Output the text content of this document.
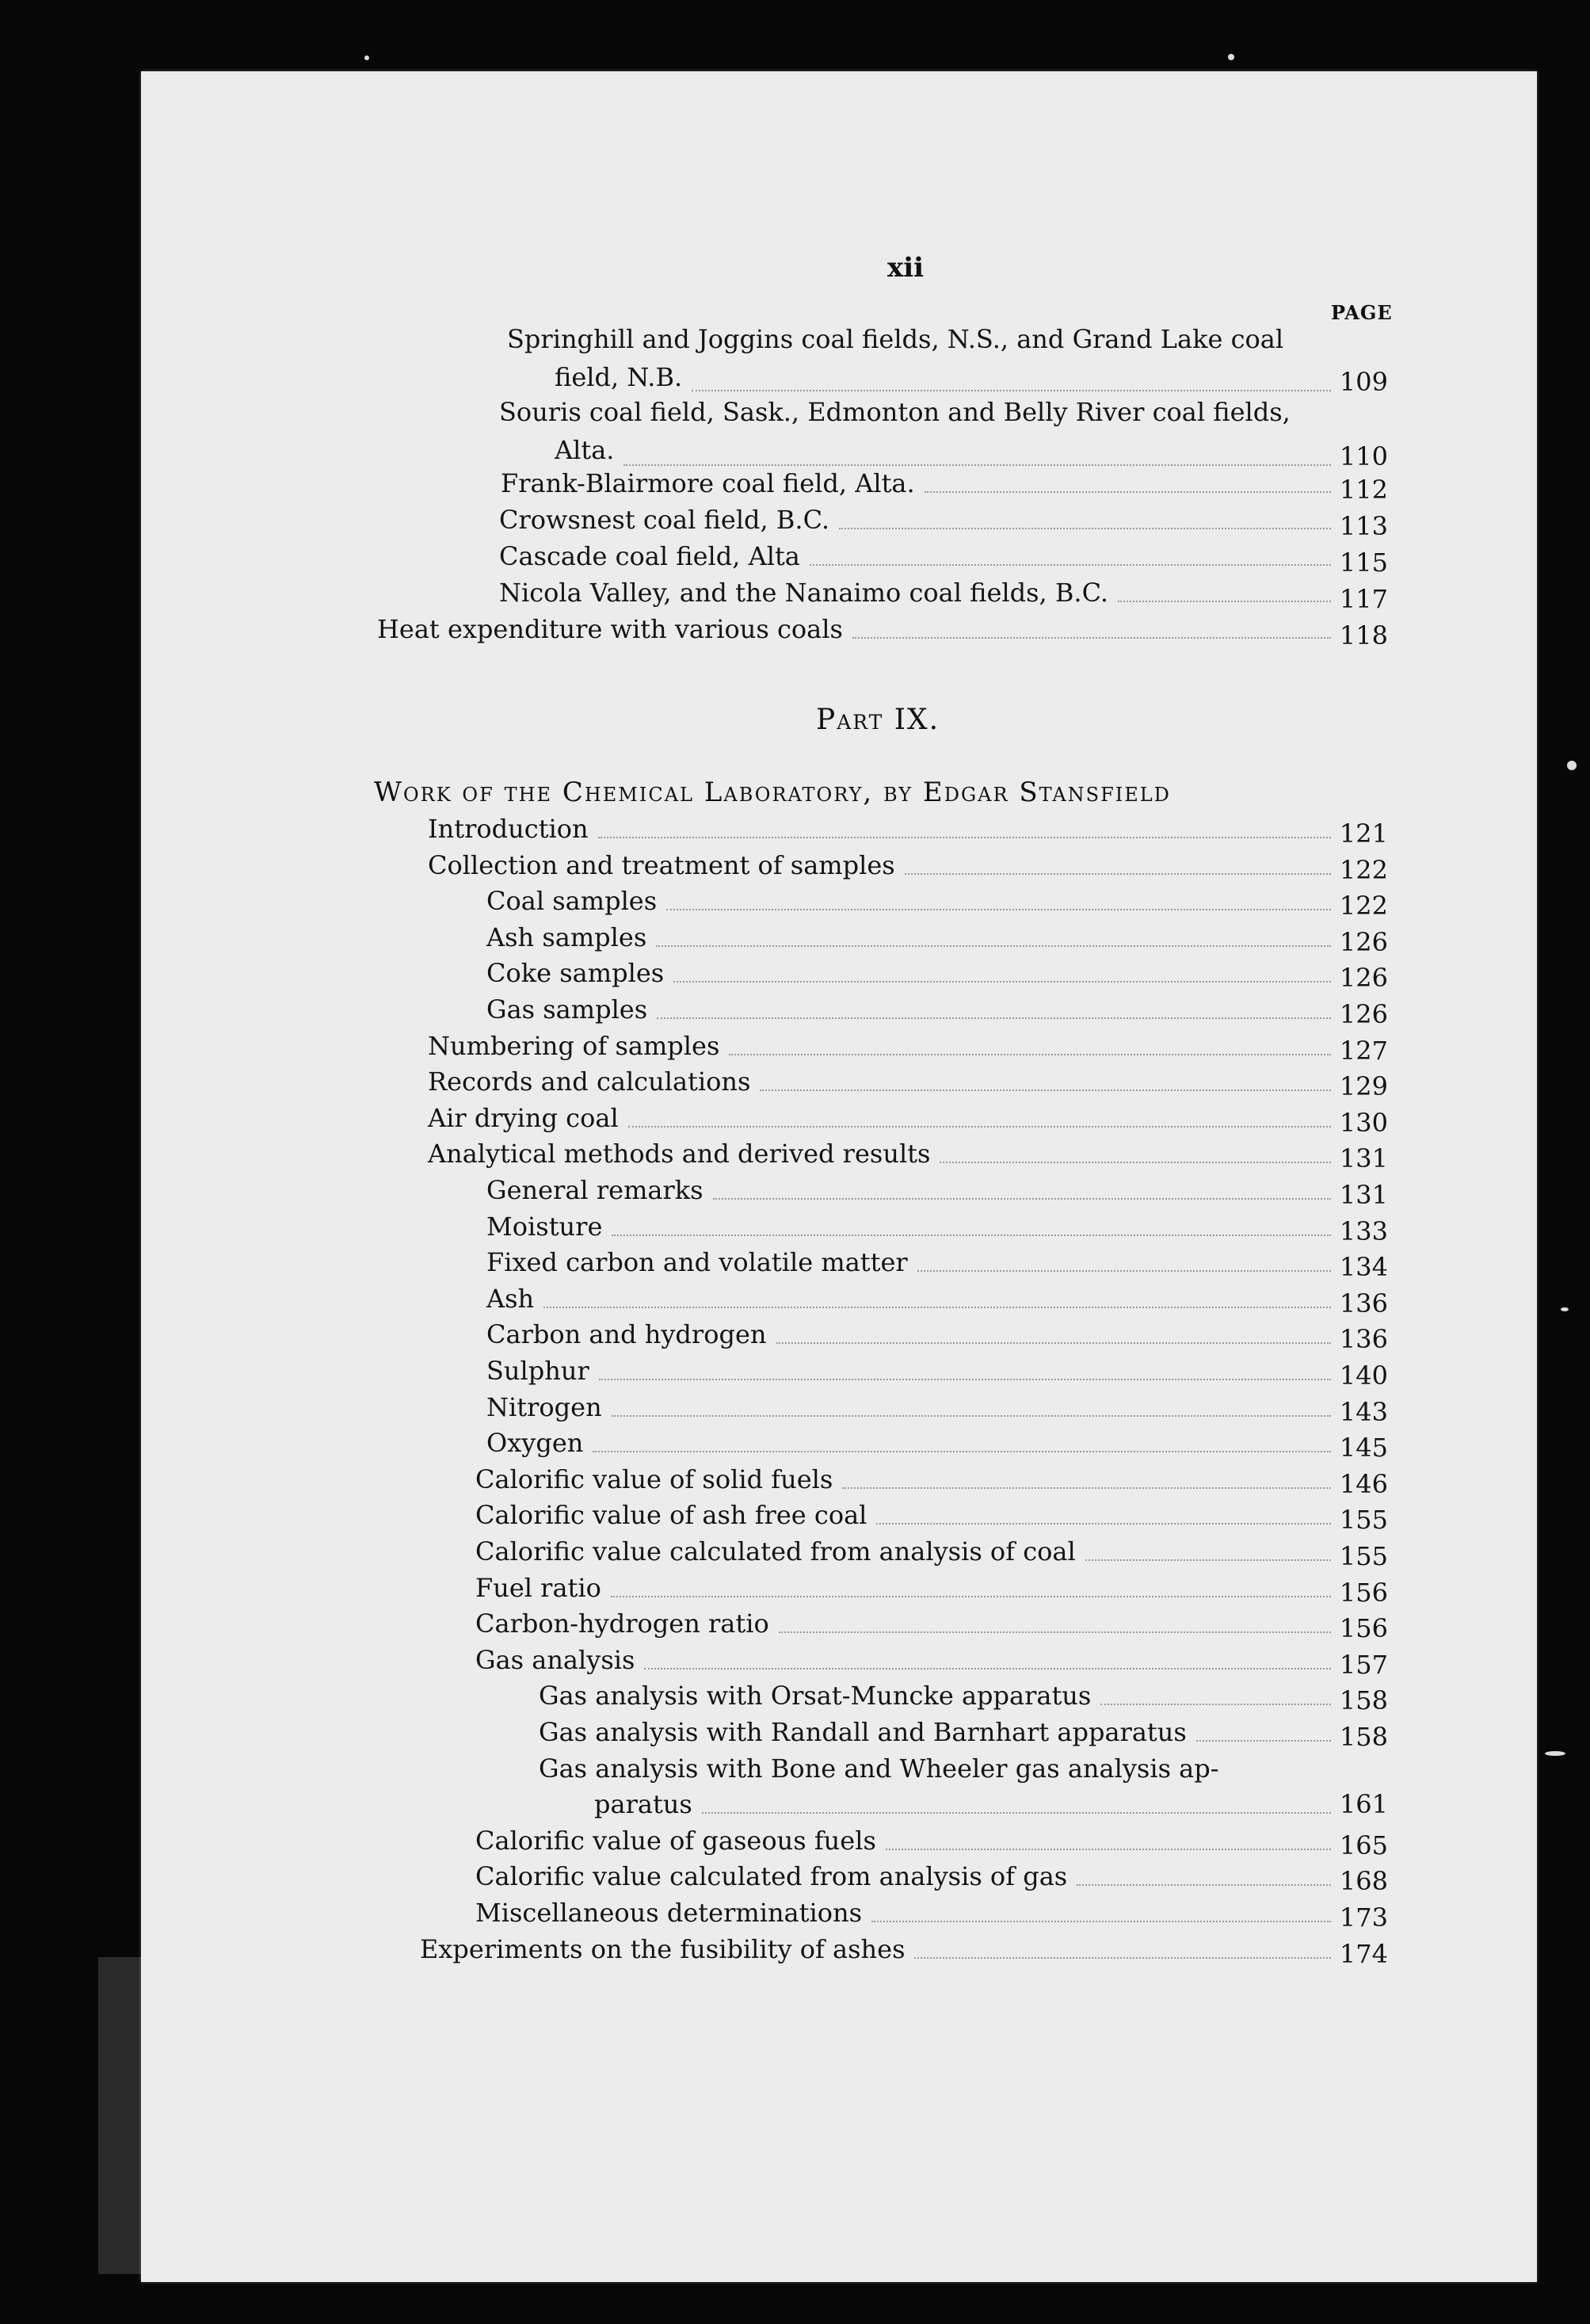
xii
PAGE
Springhill and Joggins coal fields, N.S., and Grand Lake coal
field, N.B.	109
Souris coal field, Sask., Edmonton and Belly River coal fields,
Alta.	110
Frank-Blairmore coal field, Alta.	112
Crowsnest coal field, B.C.	113
Cascade coal field, Alta	115
Nicola Valley, and the Nanaimo coal fields, B.C.	117
Heat expenditure with various coals	118
Part IX.
Work of the Chemical Laboratory, by Edgar Stansfield
Introduction	121
Collection and treatment of samples	122
Coal samples	122
Ash samples	126
Coke samples	126
Gas samples	126
Numbering of samples	127
Records and calculations	129
Air drying coal	130
Analytical methods and derived results	131
General remarks	131
Moisture	133
Fixed carbon and volatile matter	134
Ash	136
Carbon and hydrogen	136
Sulphur	140
Nitrogen	143
Oxygen	145
Calorific value of solid fuels	146
Calorific value of ash free coal	155
Calorific value calculated from analysis of coal	155
Fuel ratio	156
Carbon-hydrogen ratio	156
Gas analysis	157
Gas analysis with Orsat-Muncke apparatus	158
Gas analysis with Randall and Barnhart apparatus	158
Gas analysis with Bone and Wheeler gas analysis ap-
paratus	161
Calorific value of gaseous fuels	165
Calorific value calculated from analysis of gas	168
Miscellaneous determinations	173
Experiments on the fusibility of ashes	174
